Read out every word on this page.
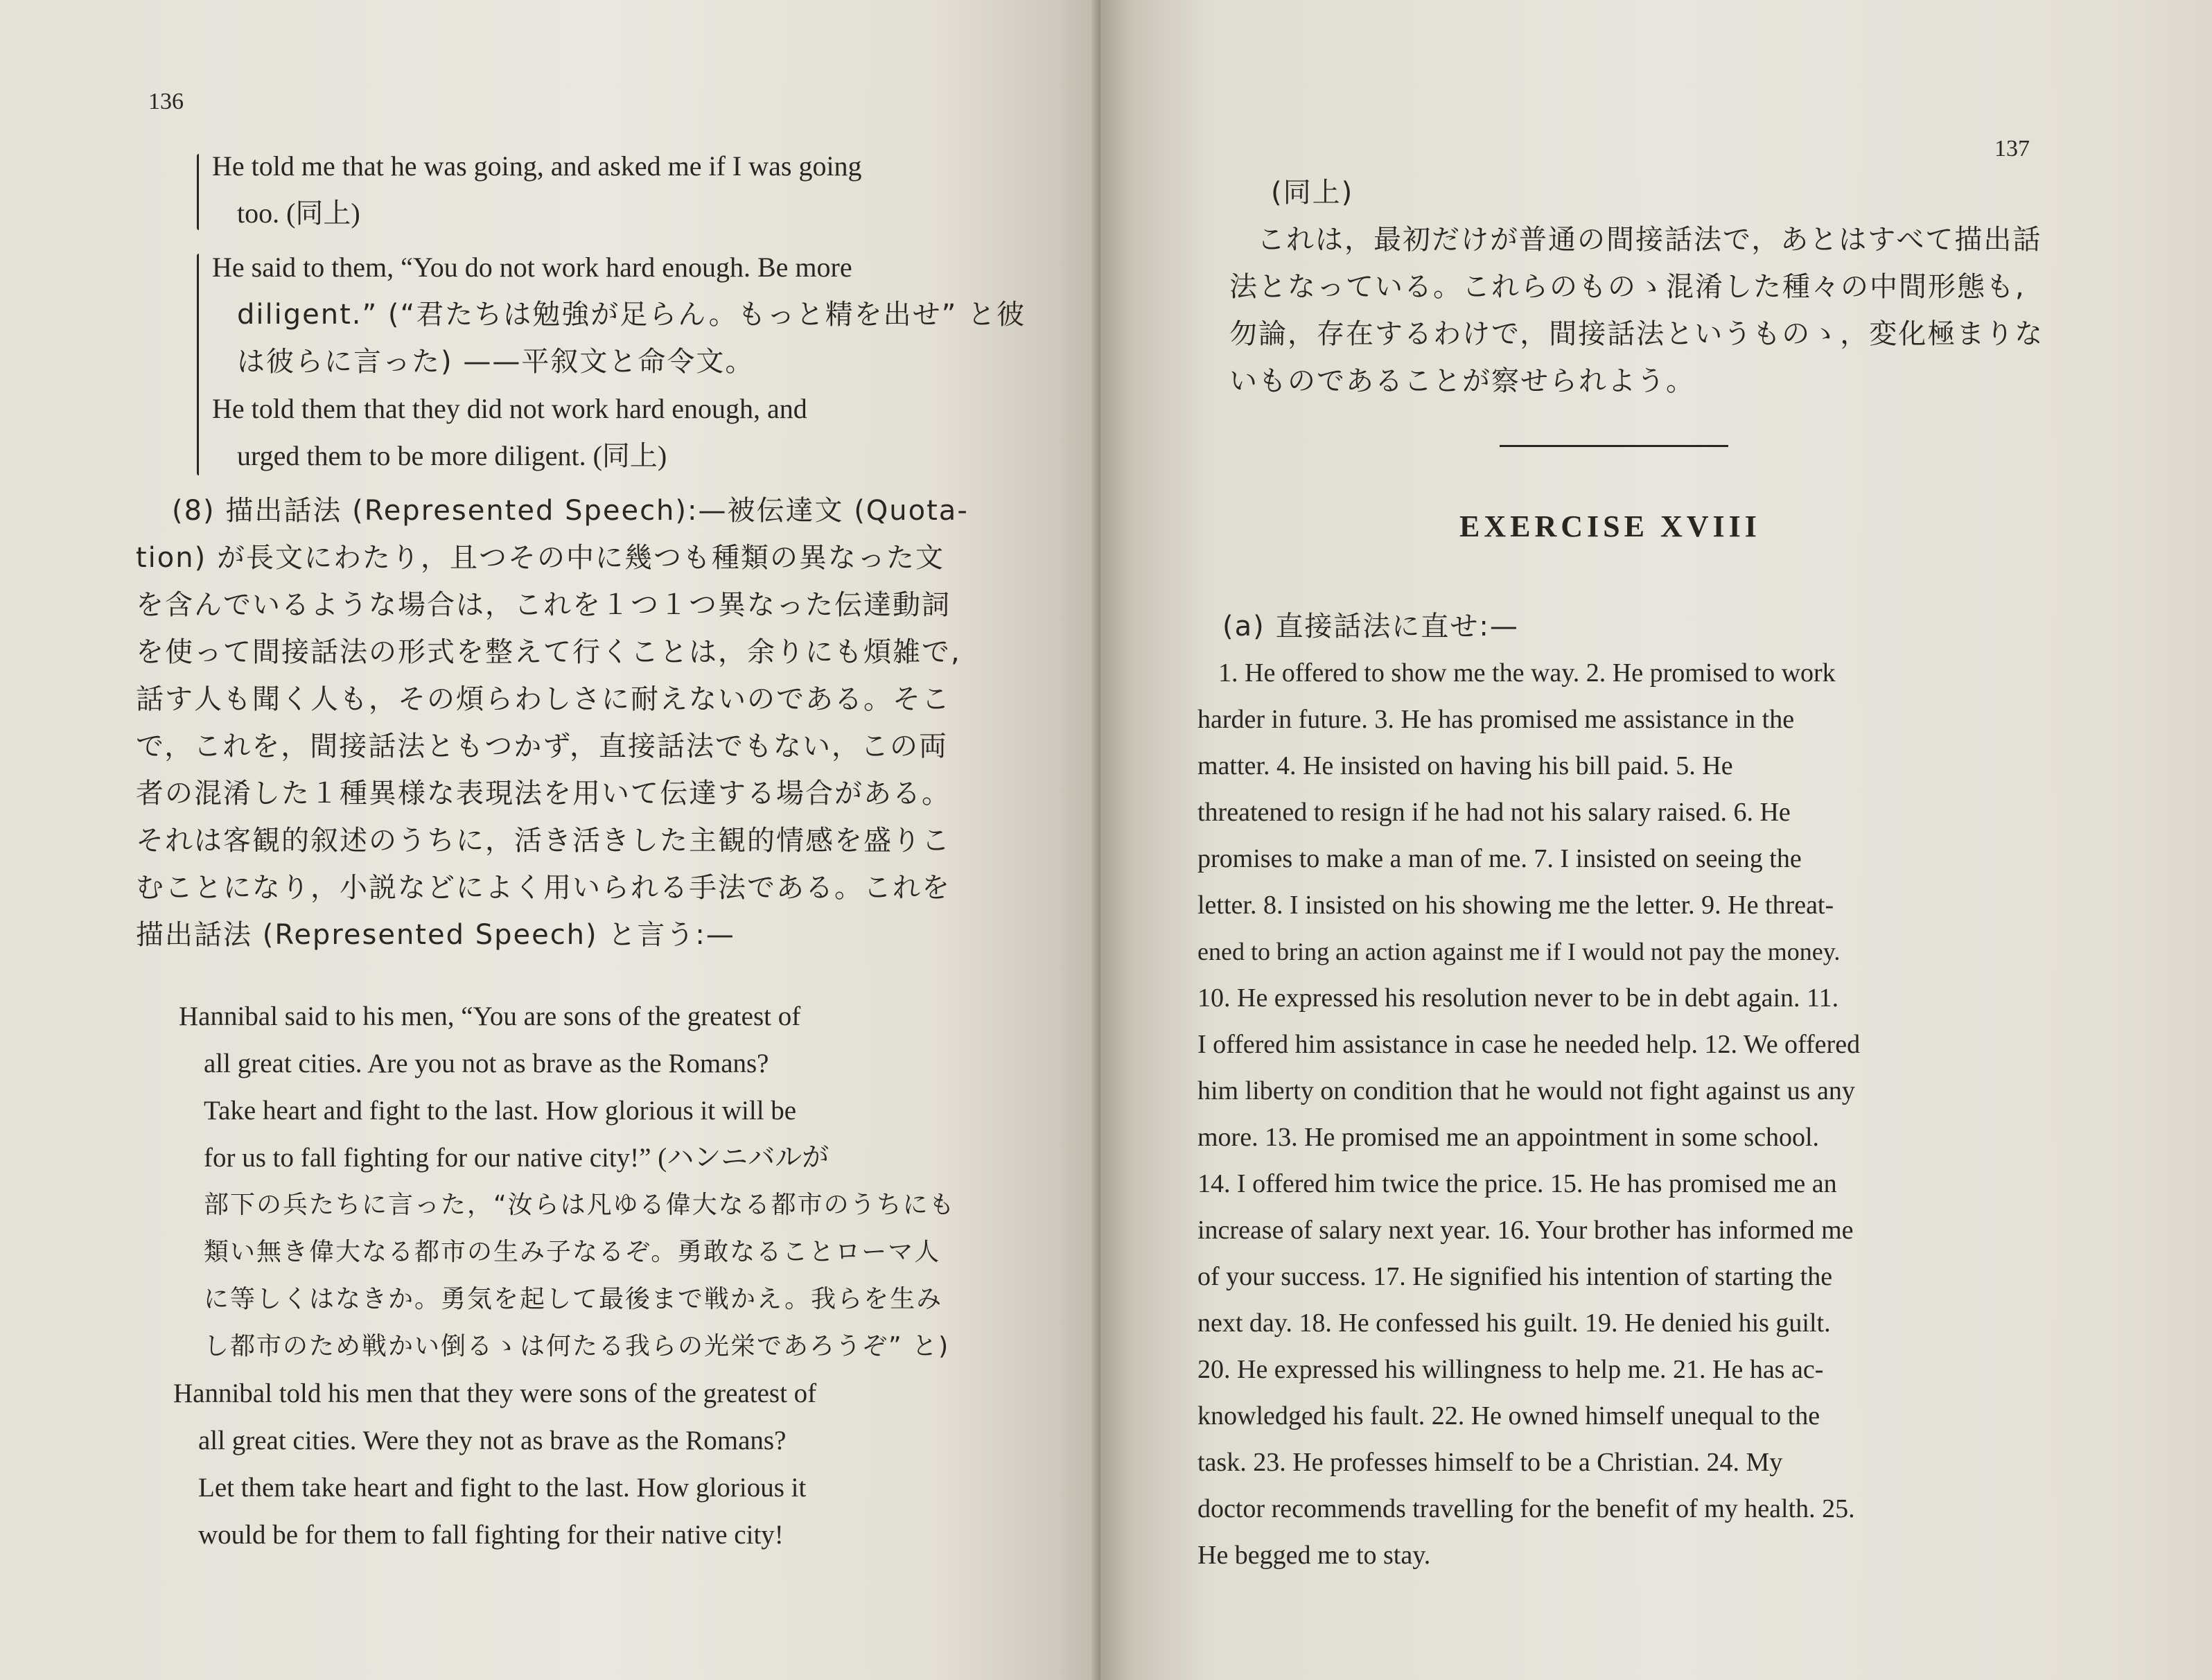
136
He told me that he was going, and asked me if I was going
too. (同上)
He said to them, “You do not work hard enough. Be more
diligent.” (“君たちは勉強が足らん。もっと精を出せ” と彼
は彼らに言った) ——平叙文と命令文。
He told them that they did not work hard enough, and
urged them to be more diligent. (同上)
(8) 描出話法 (Represented Speech):—被伝達文 (Quota-
tion) が長文にわたり，且つその中に幾つも種類の異なった文
を含んでいるような場合は，これを１つ１つ異なった伝達動詞
を使って間接話法の形式を整えて行くことは，余りにも煩雑で,
話す人も聞く人も，その煩らわしさに耐えないのである。そこ
で，これを，間接話法ともつかず，直接話法でもない，この両
者の混淆した１種異様な表現法を用いて伝達する場合がある。
それは客観的叙述のうちに，活き活きした主観的情感を盛りこ
むことになり，小説などによく用いられる手法である。これを
描出話法 (Represented Speech) と言う:—
Hannibal said to his men, “You are sons of the greatest of
all great cities. Are you not as brave as the Romans?
Take heart and fight to the last. How glorious it will be
for us to fall fighting for our native city!” (ハンニバルが
部下の兵たちに言った，“汝らは凡ゆる偉大なる都市のうちにも
類い無き偉大なる都市の生み子なるぞ。勇敢なることローマ人
に等しくはなきか。勇気を起して最後まで戦かえ。我らを生み
し都市のため戦かい倒るゝは何たる我らの光栄であろうぞ” と)
Hannibal told his men that they were sons of the greatest of
all great cities. Were they not as brave as the Romans?
Let them take heart and fight to the last. How glorious it
would be for them to fall fighting for their native city!
137
(同上)
これは，最初だけが普通の間接話法で，あとはすべて描出話
法となっている。これらのものゝ混淆した種々の中間形態も,
勿論，存在するわけで，間接話法というものゝ，変化極まりな
いものであることが察せられよう。
EXERCISE XVIII
(a) 直接話法に直せ:—
1. He offered to show me the way. 2. He promised to work
harder in future. 3. He has promised me assistance in the
matter. 4. He insisted on having his bill paid. 5. He
threatened to resign if he had not his salary raised. 6. He
promises to make a man of me. 7. I insisted on seeing the
letter. 8. I insisted on his showing me the letter. 9. He threat-
ened to bring an action against me if I would not pay the money.
10. He expressed his resolution never to be in debt again. 11.
I offered him assistance in case he needed help. 12. We offered
him liberty on condition that he would not fight against us any
more. 13. He promised me an appointment in some school.
14. I offered him twice the price. 15. He has promised me an
increase of salary next year. 16. Your brother has informed me
of your success. 17. He signified his intention of starting the
next day. 18. He confessed his guilt. 19. He denied his guilt.
20. He expressed his willingness to help me. 21. He has ac-
knowledged his fault. 22. He owned himself unequal to the
task. 23. He professes himself to be a Christian. 24. My
doctor recommends travelling for the benefit of my health. 25.
He begged me to stay.
